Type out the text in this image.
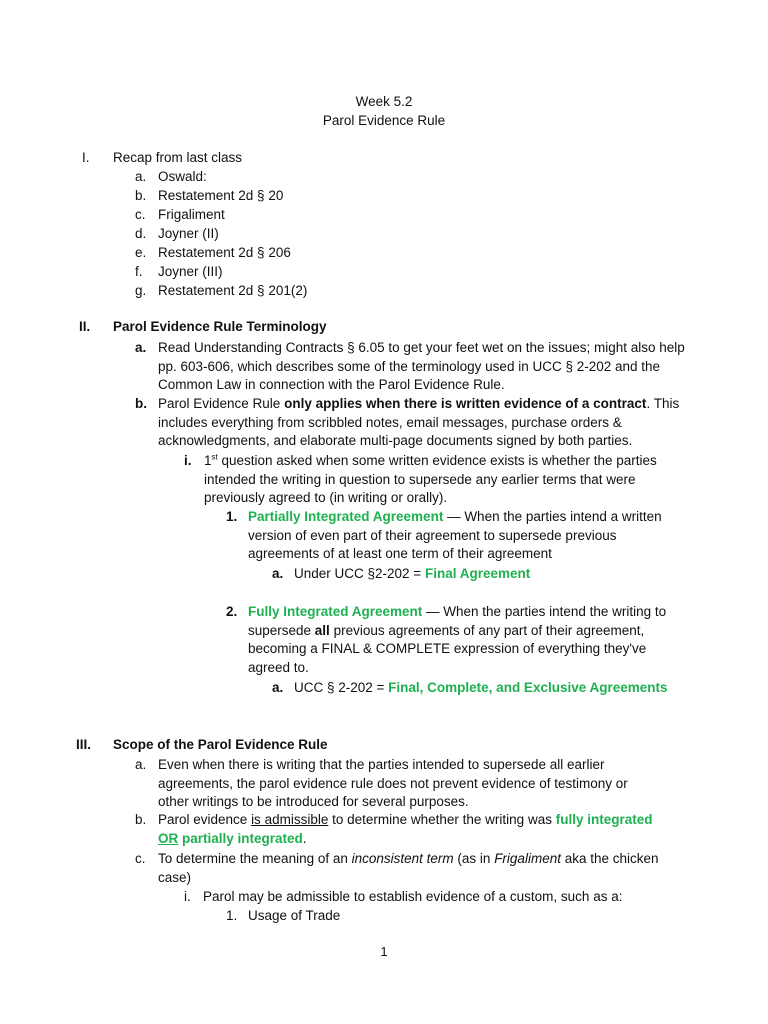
Week 5.2
Parol Evidence Rule
I.	Recap from last class
a. Oswald:
b. Restatement 2d § 20
c. Frigaliment
d. Joyner (II)
e. Restatement 2d § 206
f.	Joyner (III)
g. Restatement 2d § 201(2)
II.	Parol Evidence Rule Terminology
a. Read Understanding Contracts § 6.05 to get your feet wet on the issues; might also help pp. 603-606, which describes some of the terminology used in UCC § 2-202 and the Common Law in connection with the Parol Evidence Rule.
b. Parol Evidence Rule only applies when there is written evidence of a contract. This includes everything from scribbled notes, email messages, purchase orders & acknowledgments, and elaborate multi-page documents signed by both parties.
i. 1st question asked when some written evidence exists is whether the parties intended the writing in question to supersede any earlier terms that were previously agreed to (in writing or orally).
1. Partially Integrated Agreement — When the parties intend a written version of even part of their agreement to supersede previous agreements of at least one term of their agreement
a. Under UCC §2-202 = Final Agreement
2. Fully Integrated Agreement — When the parties intend the writing to supersede all previous agreements of any part of their agreement, becoming a FINAL & COMPLETE expression of everything they've agreed to.
a. UCC § 2-202 = Final, Complete, and Exclusive Agreements
III.	Scope of the Parol Evidence Rule
a. Even when there is writing that the parties intended to supersede all earlier agreements, the parol evidence rule does not prevent evidence of testimony or other writings to be introduced for several purposes.
b. Parol evidence is admissible to determine whether the writing was fully integrated
OR partially integrated.
c. To determine the meaning of an inconsistent term (as in Frigaliment aka the chicken case)
i. Parol may be admissible to establish evidence of a custom, such as a:
1. Usage of Trade
1
